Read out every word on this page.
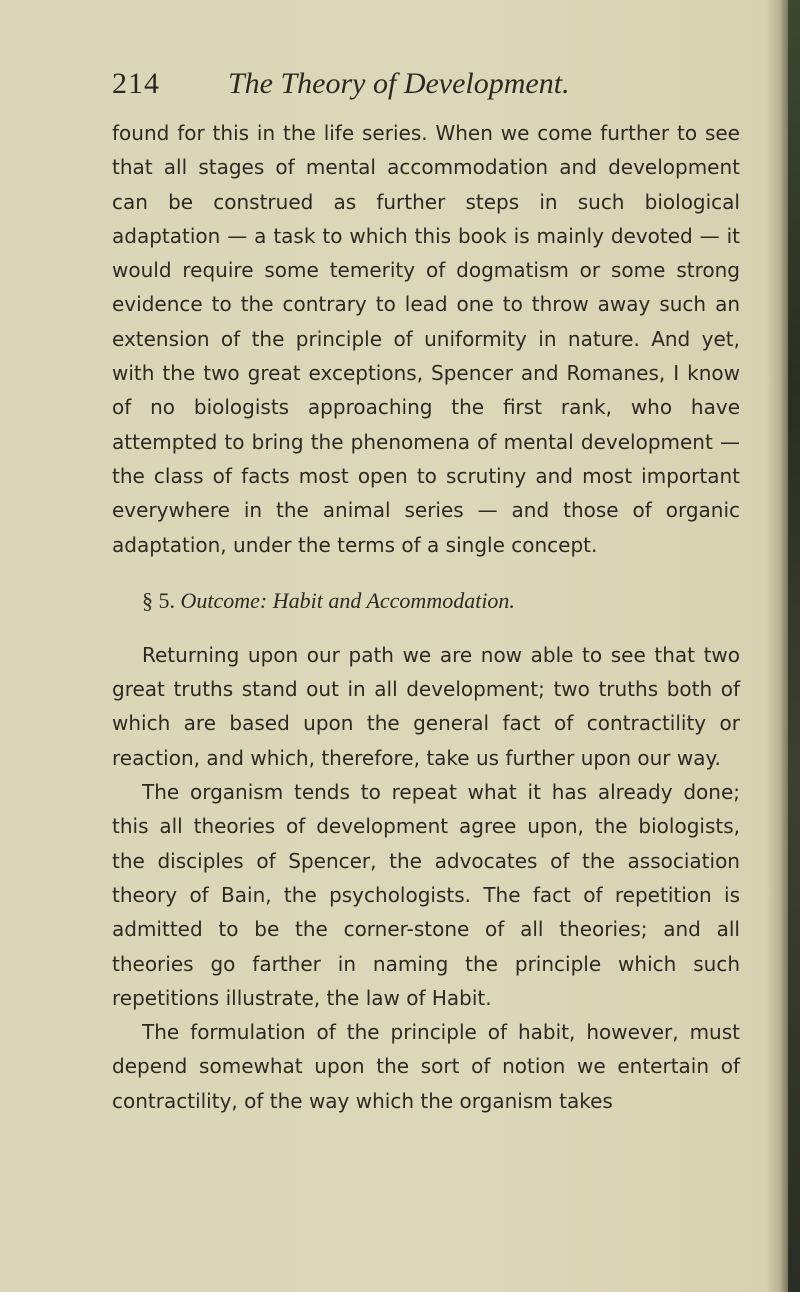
214 The Theory of Development.

found for this in the life series. When we come further to see that all stages of mental accommodation and development can be construed as further steps in such biological adaptation — a task to which this book is mainly devoted — it would require some temerity of dogmatism or some strong evidence to the contrary to lead one to throw away such an extension of the principle of uniformity in nature. And yet, with the two great exceptions, Spencer and Romanes, I know of no biologists approaching the first rank, who have attempted to bring the phenomena of mental development — the class of facts most open to scrutiny and most important everywhere in the animal series — and those of organic adaptation, under the terms of a single concept.

§ 5. Outcome: Habit and Accommodation.

Returning upon our path we are now able to see that two great truths stand out in all development; two truths both of which are based upon the general fact of contractility or reaction, and which, therefore, take us further upon our way.

The organism tends to repeat what it has already done; this all theories of development agree upon, the biologists, the disciples of Spencer, the advocates of the association theory of Bain, the psychologists. The fact of repetition is admitted to be the corner-stone of all theories; and all theories go farther in naming the principle which such repetitions illustrate, the law of Habit.

The formulation of the principle of habit, however, must depend somewhat upon the sort of notion we entertain of contractility, of the way which the organism takes
